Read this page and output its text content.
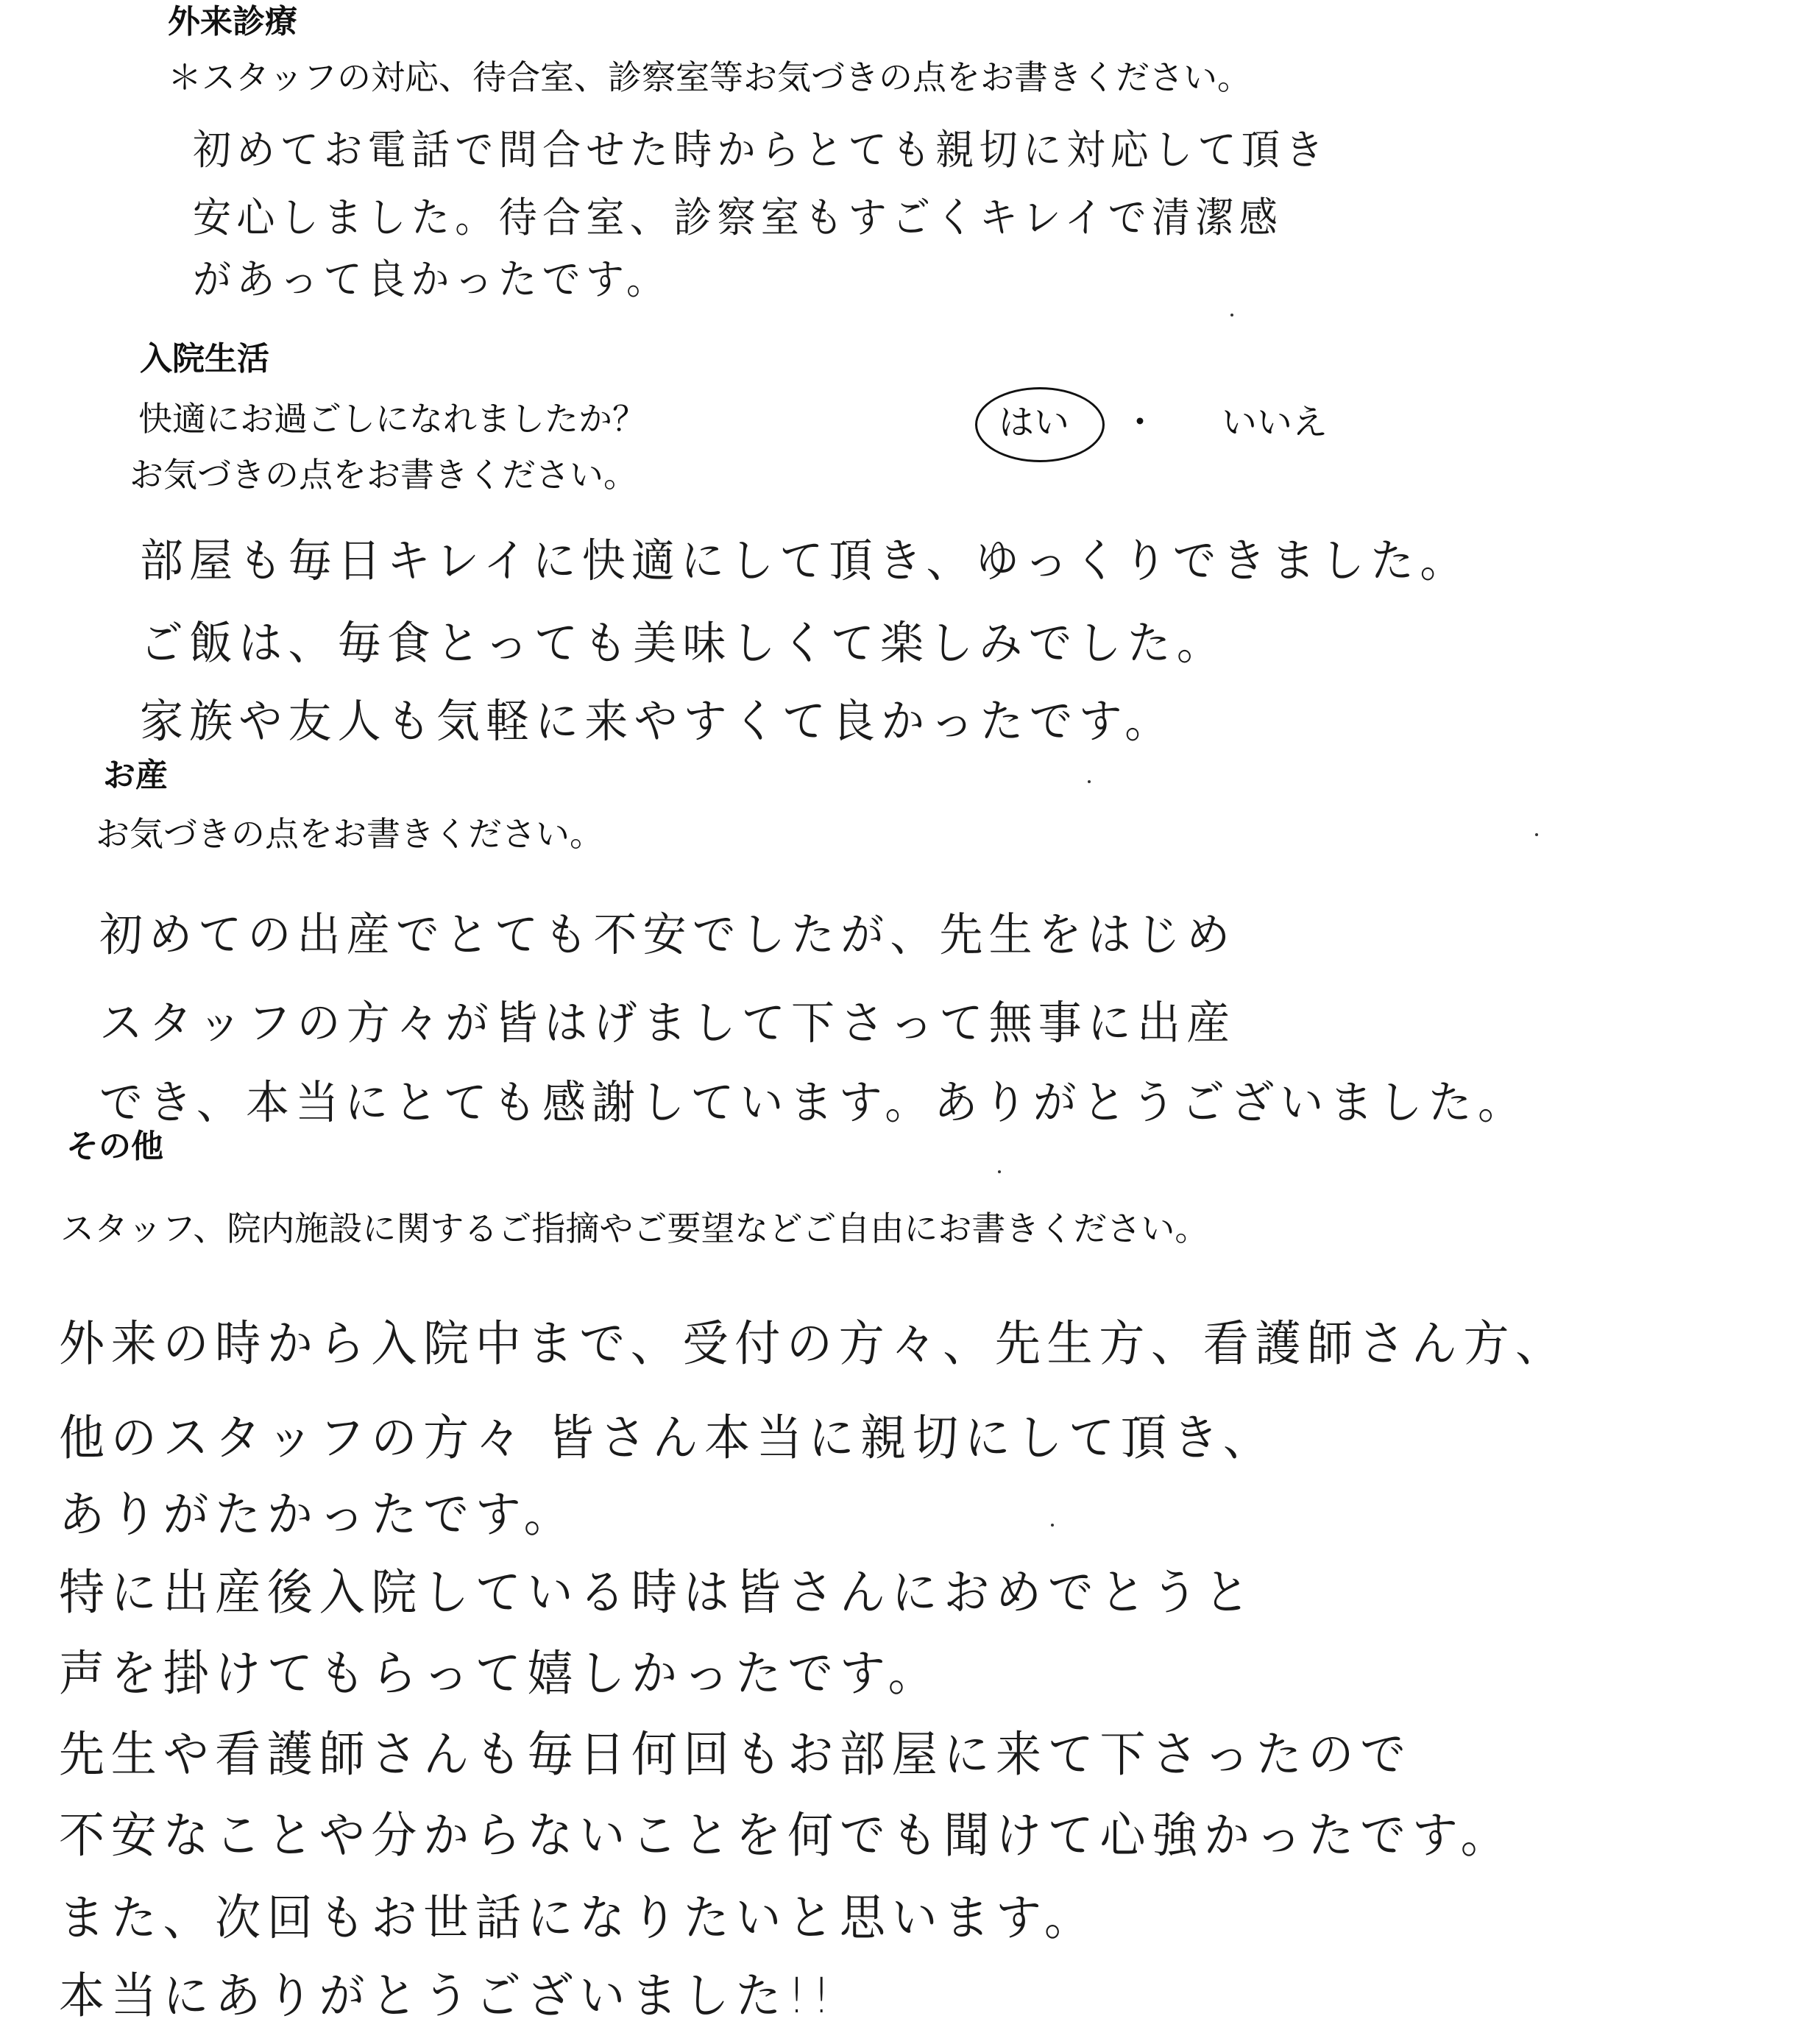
外来診療
＊スタッフの対応、待合室、診察室等お気づきの点をお書きください。
初めてお電話で問合せた時からとても親切に対応して頂き
安心しました。待合室、診察室もすごくキレイで清潔感
があって良かったです。
入院生活
快適にお過ごしになれましたか？	はい ・ いいえ
お気づきの点をお書きください。
部屋も毎日キレイに快適にして頂き、ゆっくりできました。
ご飯は、毎食とっても美味しくて楽しみでした。
家族や友人も気軽に来やすくて良かったです。
お産
お気づきの点をお書きください。
初めての出産でとても不安でしたが、先生をはじめ
スタッフの方々が皆はげまして下さって無事に出産
でき、本当にとても感謝しています。ありがとうございました。
その他
スタッフ、院内施設に関するご指摘やご要望などご自由にお書きください。
外来の時から入院中まで、受付の方々、先生方、看護師さん方、
他のスタッフの方々 皆さん本当に親切にして頂き、
ありがたかったです。
特に出産後入院している時は皆さんにおめでとうと
声を掛けてもらって嬉しかったです。
先生や看護師さんも毎日何回もお部屋に来て下さったので
不安なことや分からないことを何でも聞けて心強かったです。
また、次回もお世話になりたいと思います。
本当にありがとうございました!!
